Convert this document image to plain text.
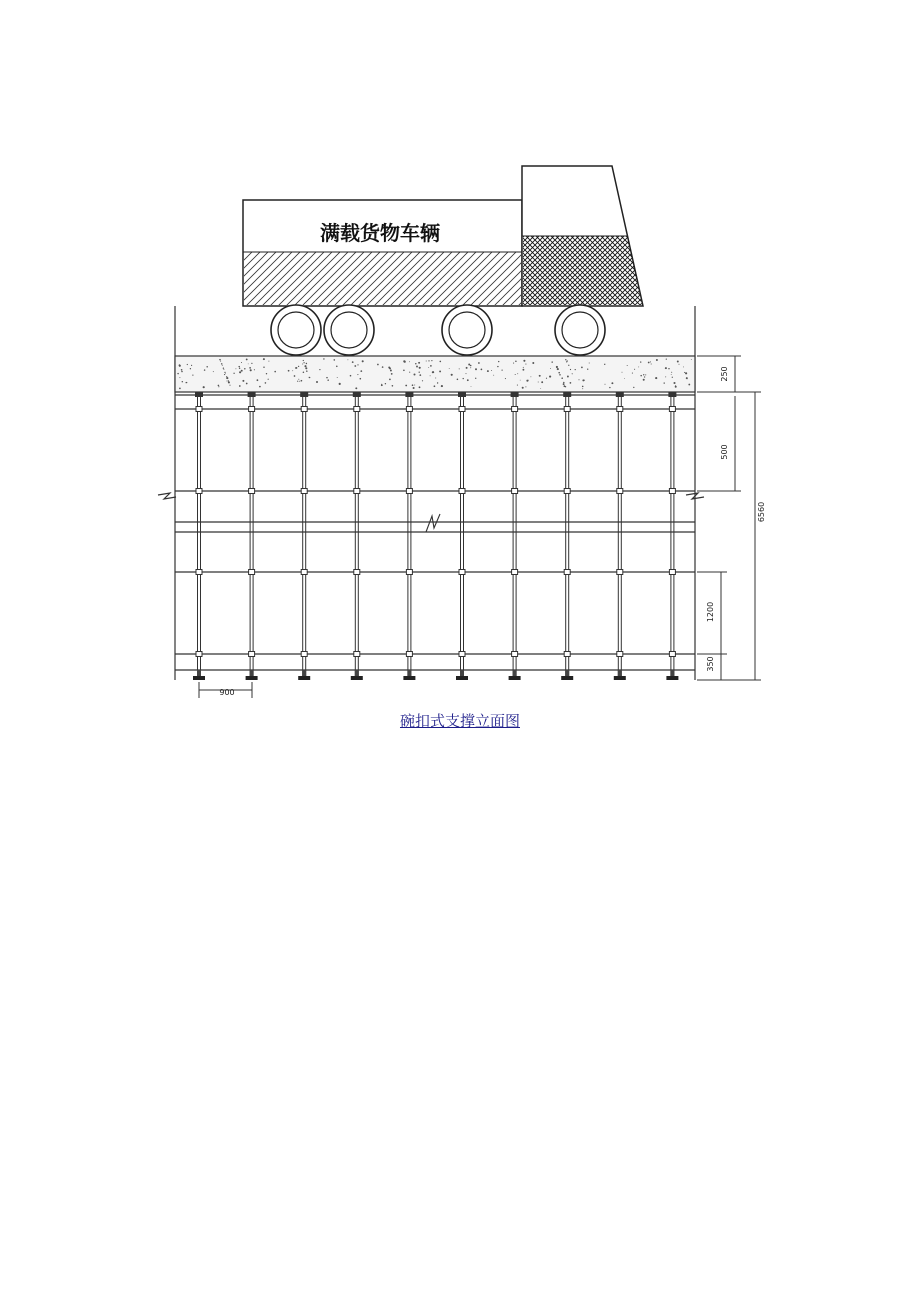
满载货物车辆
250
500
6560
1200
350
900
碗扣式支撑立面图
